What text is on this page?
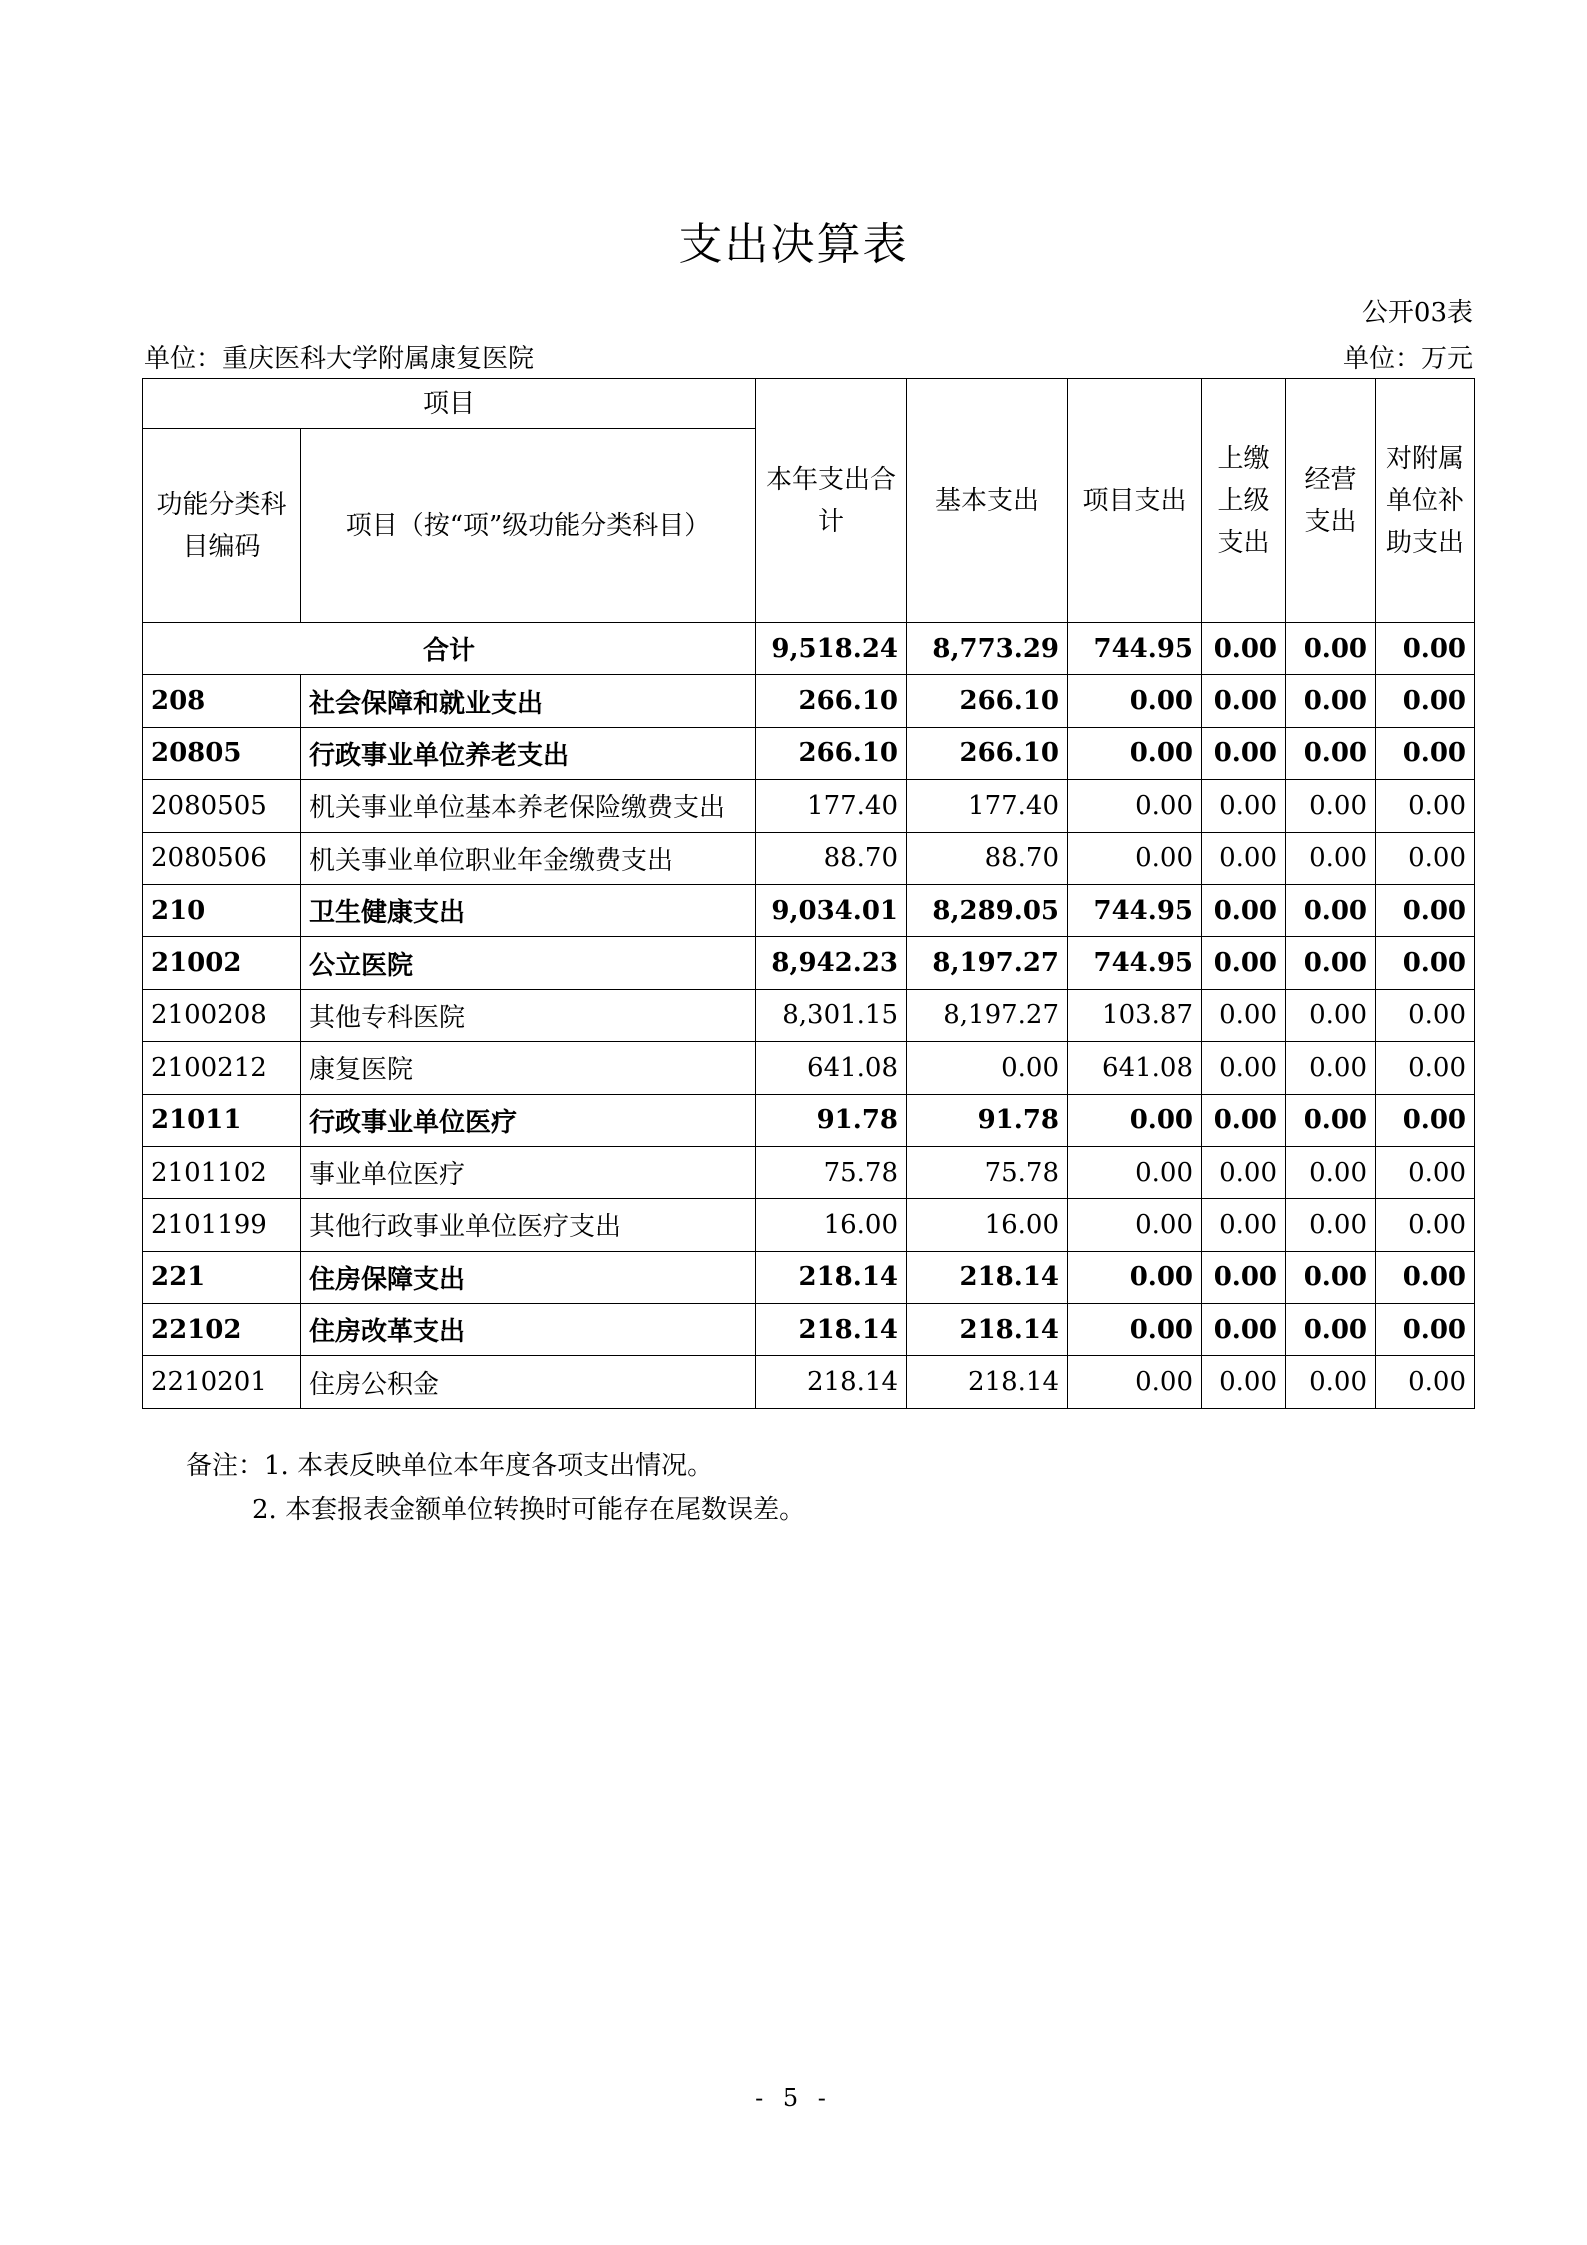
支出决算表
公开03表
单位：重庆医科大学附属康复医院	单位：万元
项目		本年支出合计	基本支出	项目支出	上缴上级支出	经营支出	对附属单位补助支出
功能分类科目编码	项目（按“项”级功能分类科目）						
合计		9,518.24	8,773.29	744.95	0.00	0.00	0.00
208	社会保障和就业支出	266.10	266.10	0.00	0.00	0.00	0.00
20805	行政事业单位养老支出	266.10	266.10	0.00	0.00	0.00	0.00
2080505	机关事业单位基本养老保险缴费支出	177.40	177.40	0.00	0.00	0.00	0.00
2080506	机关事业单位职业年金缴费支出	88.70	88.70	0.00	0.00	0.00	0.00
210	卫生健康支出	9,034.01	8,289.05	744.95	0.00	0.00	0.00
21002	公立医院	8,942.23	8,197.27	744.95	0.00	0.00	0.00
2100208	其他专科医院	8,301.15	8,197.27	103.87	0.00	0.00	0.00
2100212	康复医院	641.08	0.00	641.08	0.00	0.00	0.00
21011	行政事业单位医疗	91.78	91.78	0.00	0.00	0.00	0.00
2101102	事业单位医疗	75.78	75.78	0.00	0.00	0.00	0.00
2101199	其他行政事业单位医疗支出	16.00	16.00	0.00	0.00	0.00	0.00
221	住房保障支出	218.14	218.14	0.00	0.00	0.00	0.00
22102	住房改革支出	218.14	218.14	0.00	0.00	0.00	0.00
2210201	住房公积金	218.14	218.14	0.00	0.00	0.00	0.00
备注：1. 本表反映单位本年度各项支出情况。
2. 本套报表金额单位转换时可能存在尾数误差。
- 5 -
